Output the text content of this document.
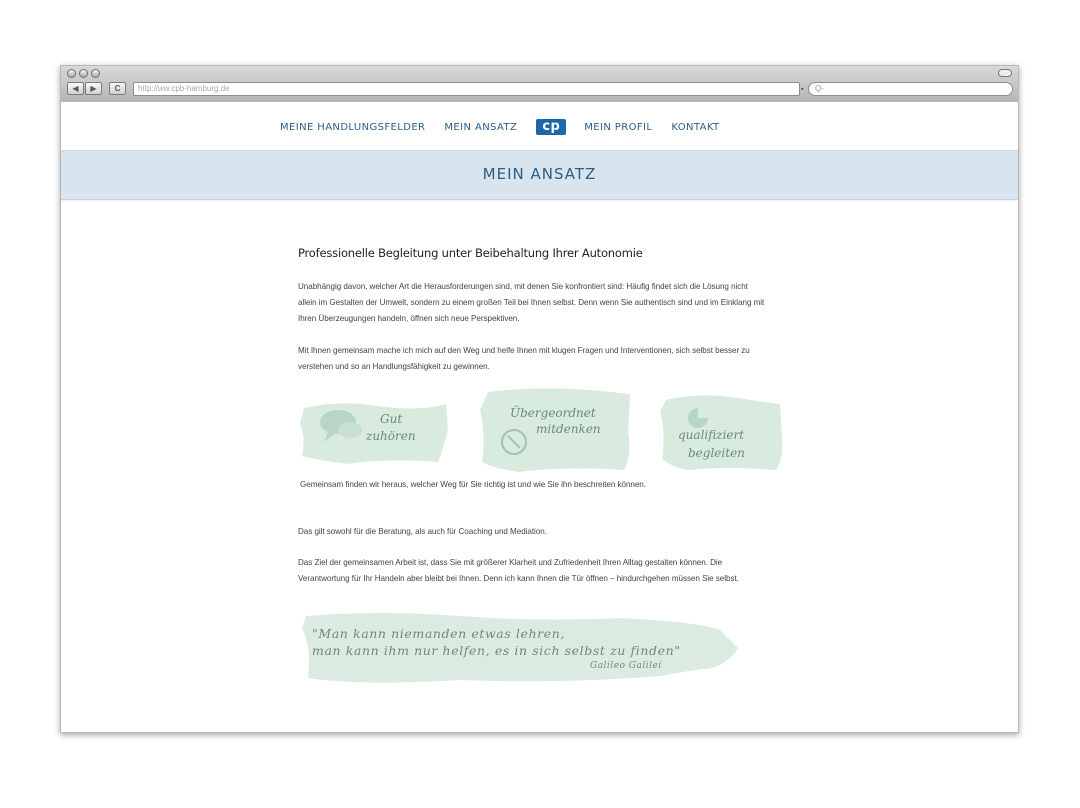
◀	▶	C	http://ww.cpb-hamburg.de	▪	Q-
MEINE HANDLUNGSFELDER MEIN ANSATZ	cp	MEIN PROFIL KONTAKT
MEIN ANSATZ
Professionelle Begleitung unter Beibehaltung Ihrer Autonomie
Unabhängig davon, welcher Art die Herausforderungen sind, mit denen Sie konfrontiert sind: Häufig findet sich die Lösung nicht
allein im Gestalten der Umwelt, sondern zu einem großen Teil bei Ihnen selbst. Denn wenn Sie authentisch sind und im Einklang mit
Ihren Überzeugungen handeln, öffnen sich neue Perspektiven.
Mit Ihnen gemeinsam mache ich mich auf den Weg und helfe Ihnen mit klugen Fragen und Interventionen, sich selbst besser zu
verstehen und so an Handlungsfähigkeit zu gewinnen.
Gut
zuhören
Übergeordnet
mitdenken	qualifiziert
begleiten
Gemeinsam finden wir heraus, welcher Weg für Sie richtig ist und wie Sie ihn beschreiten können.
Das gilt sowohl für die Beratung, als auch für Coaching und Mediation.
Das Ziel der gemeinsamen Arbeit ist, dass Sie mit größerer Klarheit und Zufriedenheit Ihren Alltag gestalten können. Die
Verantwortung für Ihr Handeln aber bleibt bei Ihnen. Denn ich kann Ihnen die Tür öffnen – hindurchgehen müssen Sie selbst.
"Man kann niemanden etwas lehren,
man kann ihm nur helfen, es in sich selbst zu finden"
Galileo Galilei
